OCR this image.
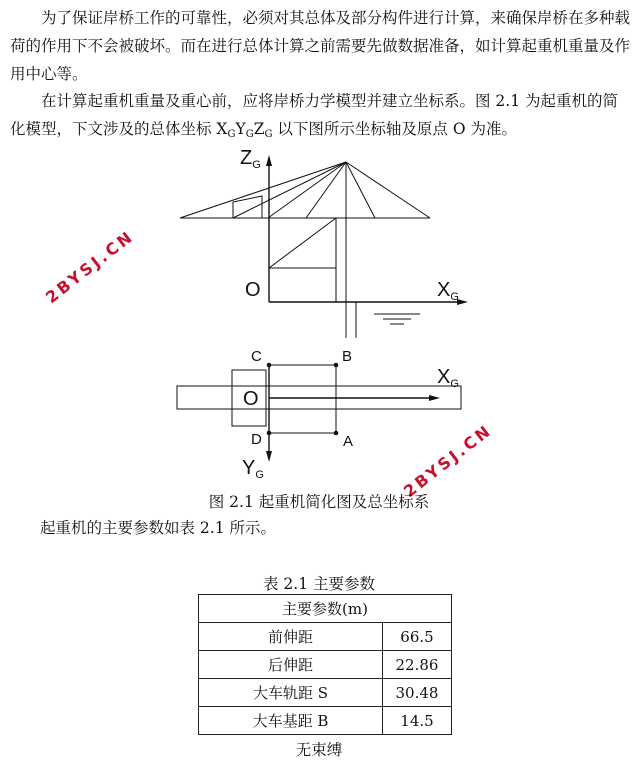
为了保证岸桥工作的可靠性，必须对其总体及部分构件进行计算，来确保岸桥在多种载荷的作用下不会被破坏。而在进行总体计算之前需要先做数据准备，如计算起重机重量及作用中心等。
在计算起重机重量及重心前，应将岸桥力学模型并建立坐标系。图 2.1 为起重机的简化模型，下文涉及的总体坐标 XGYGZG 以下图所示坐标轴及原点 O 为准。
$Z_G$
O	$X_G$
C	B
D	A
O
$X_G$
$Y_G$
2BYSJ.CN
2BYSJ.CN
图 2.1 起重机简化图及总坐标系
起重机的主要参数如表 2.1 所示。
表 2.1 主要参数
主要参数(m)	
前伸距	66.5
后伸距	22.86
大车轨距 S	30.48
大车基距 B	14.5
无束缚
